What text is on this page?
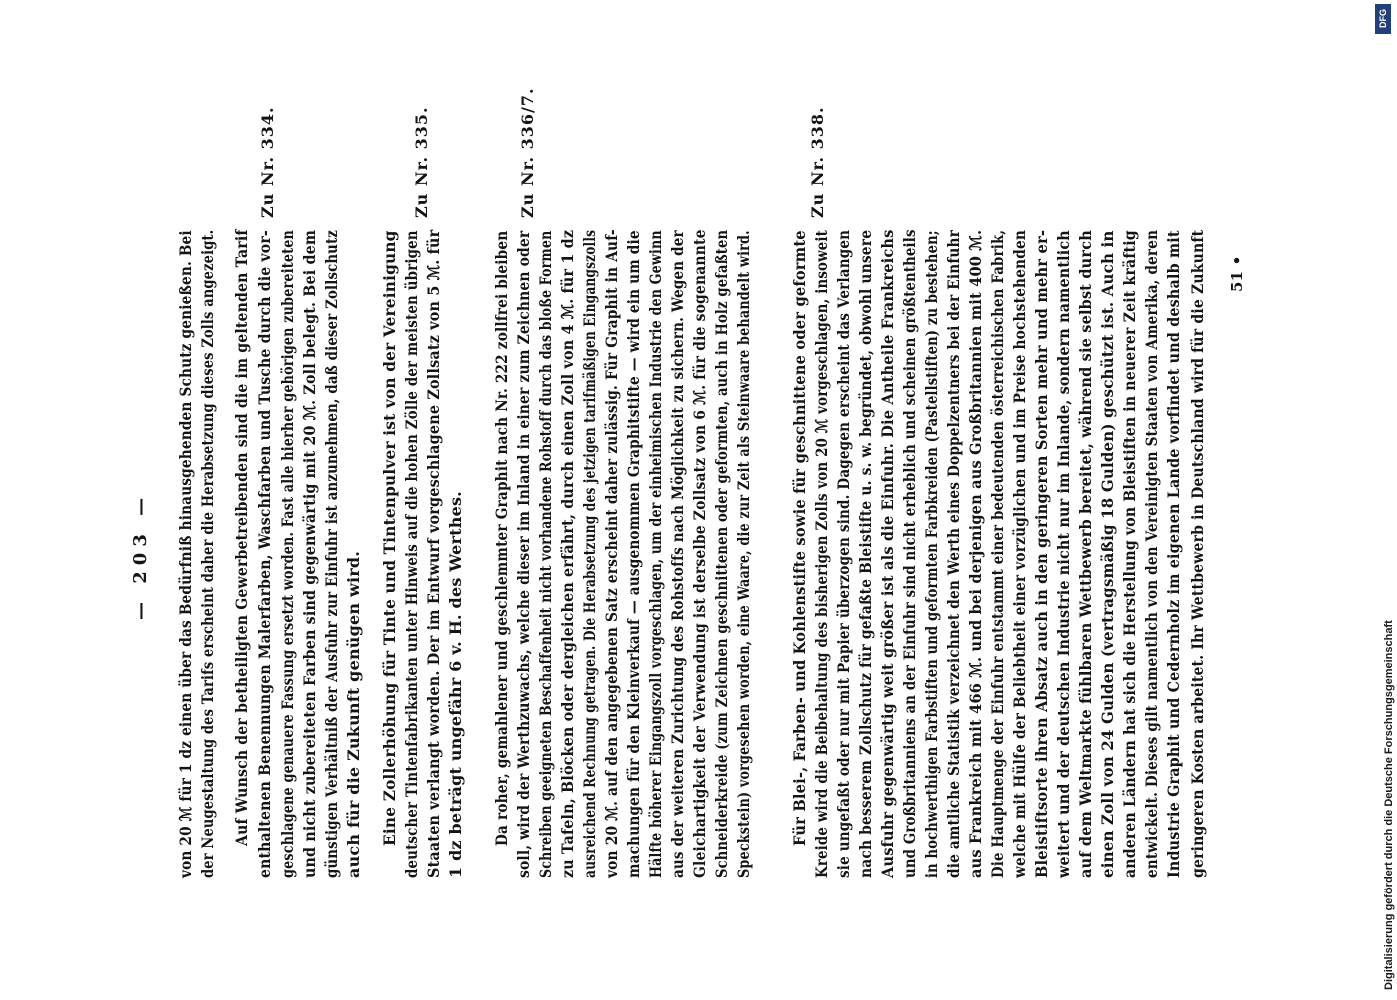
— 203 —
Zu Nr. 334.	Zu Nr. 335.	Zu Nr. 336/7.	Zu Nr. 338.
von 20 ℳ für 1 dz einen über das Bedürfniß hinausgehenden Schutz genießen. Bei der Neugestaltung des Tarifs erscheint daher die Herabsetzung dieses Zolls angezeigt. Auf Wunsch der betheiligten Gewerbetreibenden sind die im geltenden Tarif enthaltenen Benennungen Malerfarben, Waschfarben und Tusche durch die vor- geschlagene genauere Fassung ersetzt worden. Fast alle hierher gehörigen zubereiteten und nicht zubereiteten Farben sind gegenwärtig mit 20 ℳ. Zoll belegt. Bei dem günstigen Verhältniß der Ausfuhr zur Einfuhr ist anzunehmen, daß dieser Zollschutz auch für die Zukunft genügen wird. Eine Zollerhöhung für Tinte und Tintenpulver ist von der Vereinigung deutscher Tintenfabrikanten unter Hinweis auf die hohen Zölle der meisten übrigen Staaten verlangt worden. Der im Entwurf vorgeschlagene Zollsatz von 5 ℳ. für 1 dz beträgt ungefähr 6 v. H. des Werthes. Da roher, gemahlener und geschlemmter Graphit nach Nr. 222 zollfrei bleiben soll, wird der Werthzuwachs, welche dieser im Inland in einer zum Zeichnen oder Schreiben geeigneten Beschaffenheit nicht vorhandene Rohstoff durch das bloße Formen zu Tafeln, Blöcken oder dergleichen erfährt, durch einen Zoll von 4 ℳ. für 1 dz ausreichend Rechnung getragen. Die Herabsetzung des jetzigen tarifmäßigen Eingangszolls von 20 ℳ. auf den angegebenen Satz erscheint daher zulässig. Für Graphit in Auf- machungen für den Kleinverkauf — ausgenommen Graphitstifte — wird ein um die Hälfte höherer Eingangszoll vorgeschlagen, um der einheimischen Industrie den Gewinn aus der weiteren Zurichtung des Rohstoffs nach Möglichkeit zu sichern. Wegen der Gleichartigkeit der Verwendung ist derselbe Zollsatz von 6 ℳ. für die sogenannte Schneiderkreide (zum Zeichnen geschnittenen oder geformten, auch in Holz gefaßten Speckstein) vorgesehen worden, eine Waare, die zur Zeit als Steinwaare behandelt wird. Für Blei-, Farben- und Kohlenstifte sowie für geschnittene oder geformte Kreide wird die Beibehaltung des bisherigen Zolls von 20 ℳ vorgeschlagen, insoweit sie ungefaßt oder nur mit Papier überzogen sind. Dagegen erscheint das Verlangen nach besserem Zollschutz für gefaßte Bleistifte u. s. w. begründet, obwohl unsere Ausfuhr gegenwärtig weit größer ist als die Einfuhr. Die Antheile Frankreichs und Großbritanniens an der Einfuhr sind nicht erheblich und scheinen größtentheils in hochwerthigen Farbstiften und geformten Farbkreiden (Pastellstiften) zu bestehen; die amtliche Statistik verzeichnet den Werth eines Doppelzentners bei der Einfuhr aus Frankreich mit 466 ℳ. und bei derjenigen aus Großbritannien mit 400 ℳ. Die Hauptmenge der Einfuhr entstammt einer bedeutenden österreichischen Fabrik, welche mit Hülfe der Beliebtheit einer vorzüglichen und im Preise hochstehenden Bleistiftsorte ihren Absatz auch in den geringeren Sorten mehr und mehr er- weitert und der deutschen Industrie nicht nur im Inlande, sondern namentlich auf dem Weltmarkte fühlbaren Wettbewerb bereitet, während sie selbst durch einen Zoll von 24 Gulden (vertragsmäßig 18 Gulden) geschützt ist. Auch in anderen Ländern hat sich die Herstellung von Bleistiften in neuerer Zeit kräftig entwickelt. Dieses gilt namentlich von den Vereinigten Staaten von Amerika, deren Industrie Graphit und Cedernholz im eigenen Lande vorfindet und deshalb mit geringeren Kosten arbeitet. Ihr Wettbewerb in Deutschland wird für die Zukunft 51 •
DFG
Digitalisierung gefördert durch die Deutsche Forschungsgemeinschaft
